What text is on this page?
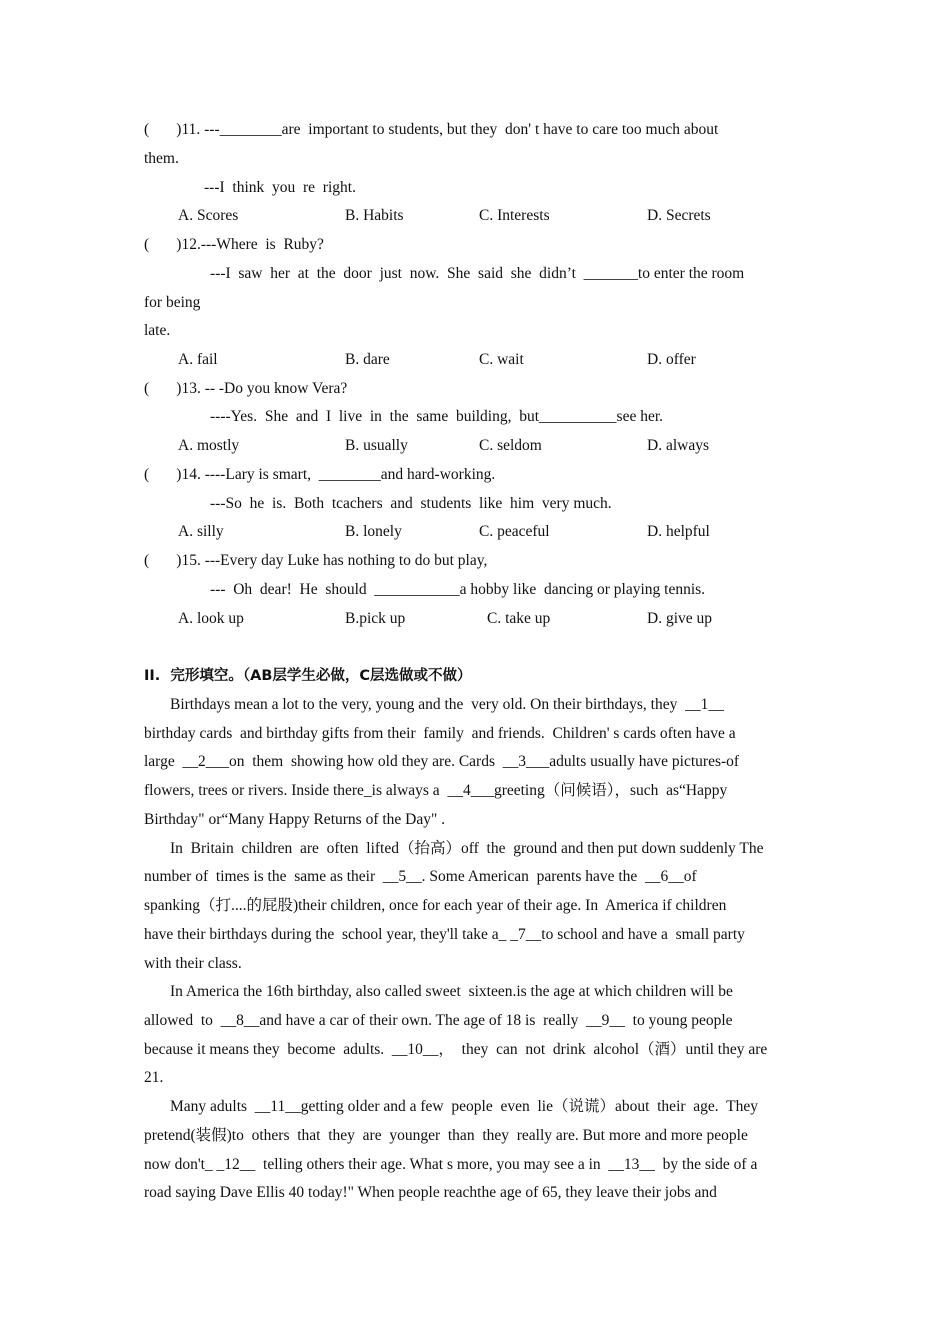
(       )11. ---________are  important to students, but they  don' t have to care too much about
them.
---I  think  you  re  right.
A. Scores	B. Habits	C. Interests	D. Secrets
(       )12.---Where  is  Ruby?
---I  saw  her  at  the  door  just  now.  She  said  she  didn’t  _______to enter the room
for being
late.
A. fail	B. dare	C. wait	D. offer
(       )13. -- -Do you know Vera?
----Yes.  She  and  I  live  in  the  same  building,  but__________see her.
A. mostly	B. usually	C. seldom	D. always
(       )14. ----Lary is smart,  ________and hard-working.
---So  he  is.  Both  tcachers  and  students  like  him  very much.
A. silly	B. lonely	C. peaceful	D. helpful
(       )15. ---Every day Luke has nothing to do but play,
---  Oh  dear!  He  should  ___________a hobby like  dancing or playing tennis.
A. look up	B.pick up	C. take up	D. give up
II.  完形填空。（AB层学生必做，C层选做或不做）
Birthdays mean a lot to the very, young and the  very old. On their birthdays, they  __1__
birthday cards  and birthday gifts from their  family  and friends.  Children' s cards often have a
large  __2___on  them  showing how old they are. Cards  __3___adults usually have pictures-of
flowers, trees or rivers. Inside there_is always a  __4___greeting（问候语），such  as“Happy
Birthday" or“Many Happy Returns of the Day" .
In  Britain  children  are  often  lifted（抬高）off  the  ground and then put down suddenly The
number of  times is the  same as their  __5__. Some American  parents have the  __6__of
spanking（打....的屁股)their children, once for each year of their age. In  America if children
have their birthdays during the  school year, they'll take a_ _7__to school and have a  small party
with their class.
In America the 16th birthday, also called sweet  sixteen.is the age at which children will be
allowed  to  __8__and have a car of their own. The age of 18 is  really  __9__  to young people
because it means they  become  adults.  __10__，  they  can  not  drink  alcohol（酒）until they are
21.
Many adults  __11__getting older and a few  people  even  lie（说谎）about  their  age.  They
pretend(装假)to  others  that  they  are  younger  than  they  really are. But more and more people
now don't_ _12__  telling others their age. What s more, you may see a in  __13__  by the side of a
road saying Dave Ellis 40 today!" When people reachthe age of 65, they leave their jobs and
